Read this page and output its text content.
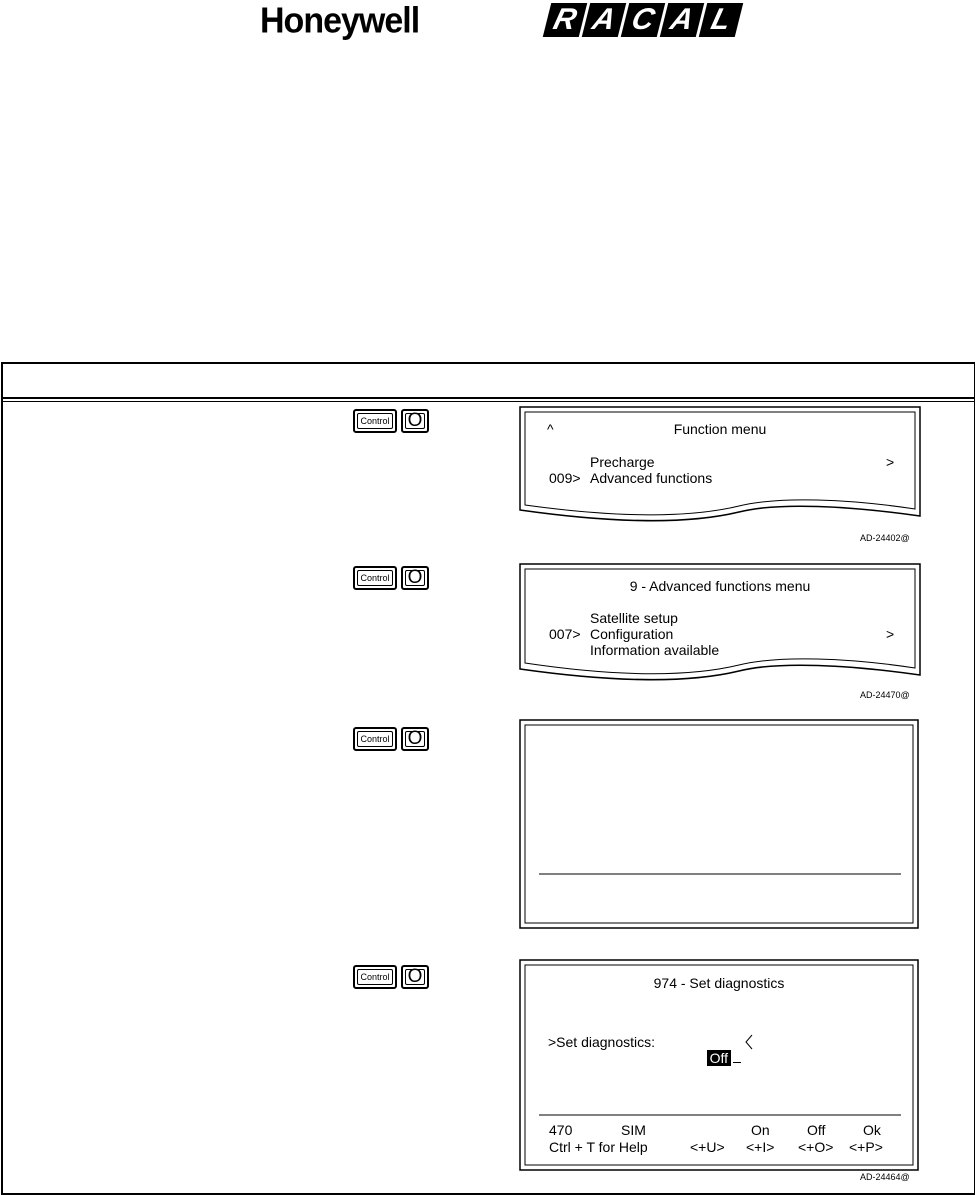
Honeywell	R A C A L
Control O
Control O
Control O
Control O
^	Function menu
Precharge	>
009> Advanced functions
AD-24402@
9 - Advanced functions menu
Satellite setup
007> Configuration	>
Information available
AD-24470@
974 - Set diagnostics
>Set diagnostics:

Off

470	SIM	On	Off	Ok
Ctrl + T for Help	<+U> <+I> <+O> <+P>
AD-24464@
